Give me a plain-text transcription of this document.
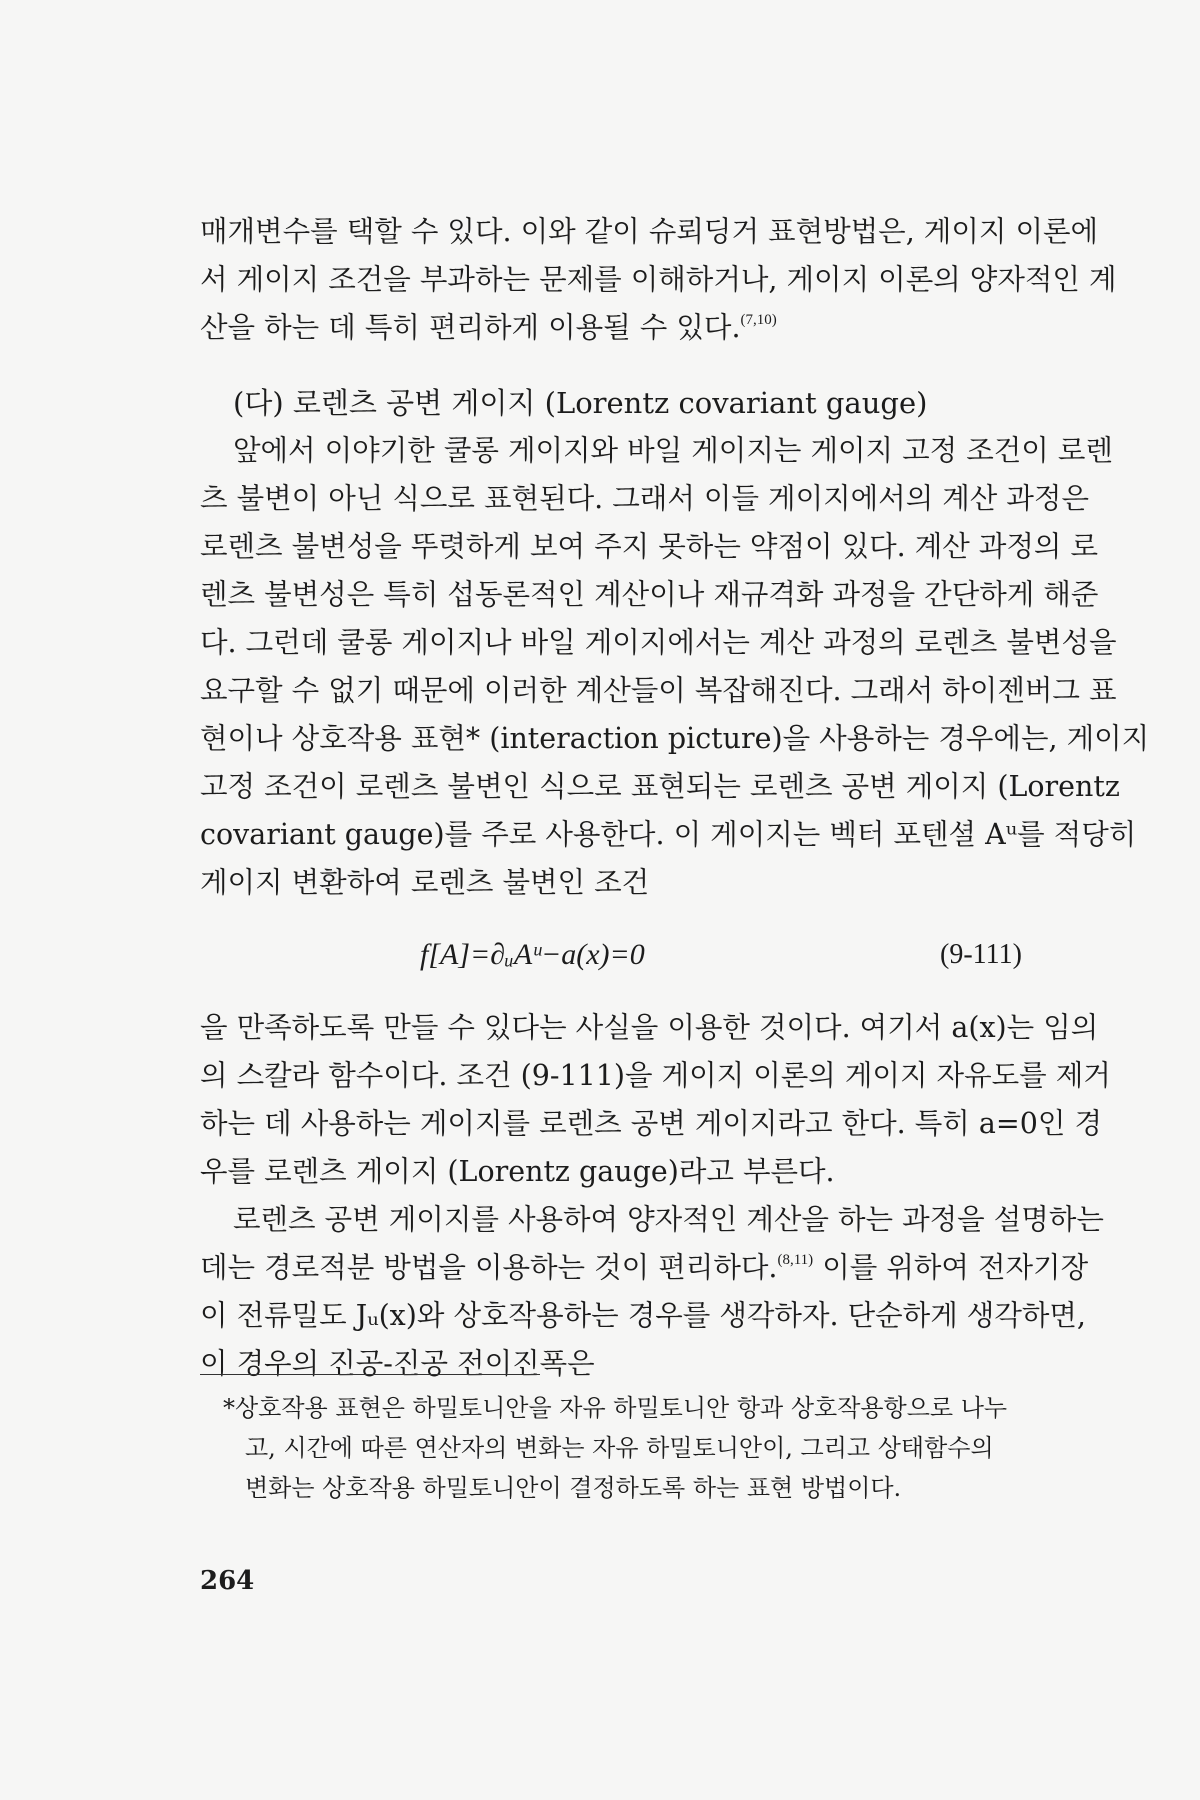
매개변수를 택할 수 있다. 이와 같이 슈뢰딩거 표현방법은, 게이지 이론에
서 게이지 조건을 부과하는 문제를 이해하거나, 게이지 이론의 양자적인 계
산을 하는 데 특히 편리하게 이용될 수 있다.$^{(7,10)}$
(다) 로렌츠 공변 게이지 (Lorentz covariant gauge)
앞에서 이야기한 쿨롱 게이지와 바일 게이지는 게이지 고정 조건이 로렌
츠 불변이 아닌 식으로 표현된다. 그래서 이들 게이지에서의 계산 과정은
로렌츠 불변성을 뚜렷하게 보여 주지 못하는 약점이 있다. 계산 과정의 로
렌츠 불변성은 특히 섭동론적인 계산이나 재규격화 과정을 간단하게 해준
다. 그런데 쿨롱 게이지나 바일 게이지에서는 계산 과정의 로렌츠 불변성을
요구할 수 없기 때문에 이러한 계산들이 복잡해진다. 그래서 하이젠버그 표
현이나 상호작용 표현* (interaction picture)을 사용하는 경우에는, 게이지
고정 조건이 로렌츠 불변인 식으로 표현되는 로렌츠 공변 게이지 (Lorentz
covariant gauge)를 주로 사용한다. 이 게이지는 벡터 포텐셜 Aᵘ를 적당히
게이지 변환하여 로렌츠 불변인 조건
f[A]=∂ᵤAᵘ−a(x)=0	(9-111)
을 만족하도록 만들 수 있다는 사실을 이용한 것이다. 여기서 a(x)는 임의
의 스칼라 함수이다. 조건 (9-111)을 게이지 이론의 게이지 자유도를 제거
하는 데 사용하는 게이지를 로렌츠 공변 게이지라고 한다. 특히 a=0인 경
우를 로렌츠 게이지 (Lorentz gauge)라고 부른다.
로렌츠 공변 게이지를 사용하여 양자적인 계산을 하는 과정을 설명하는
데는 경로적분 방법을 이용하는 것이 편리하다.$^{(8,11)}$ 이를 위하여 전자기장
이 전류밀도 Jᵤ(x)와 상호작용하는 경우를 생각하자. 단순하게 생각하면,
이 경우의 진공-진공 전이진폭은
*상호작용 표현은 하밀토니안을 자유 하밀토니안 항과 상호작용항으로 나누
고, 시간에 따른 연산자의 변화는 자유 하밀토니안이, 그리고 상태함수의
변화는 상호작용 하밀토니안이 결정하도록 하는 표현 방법이다.
264
